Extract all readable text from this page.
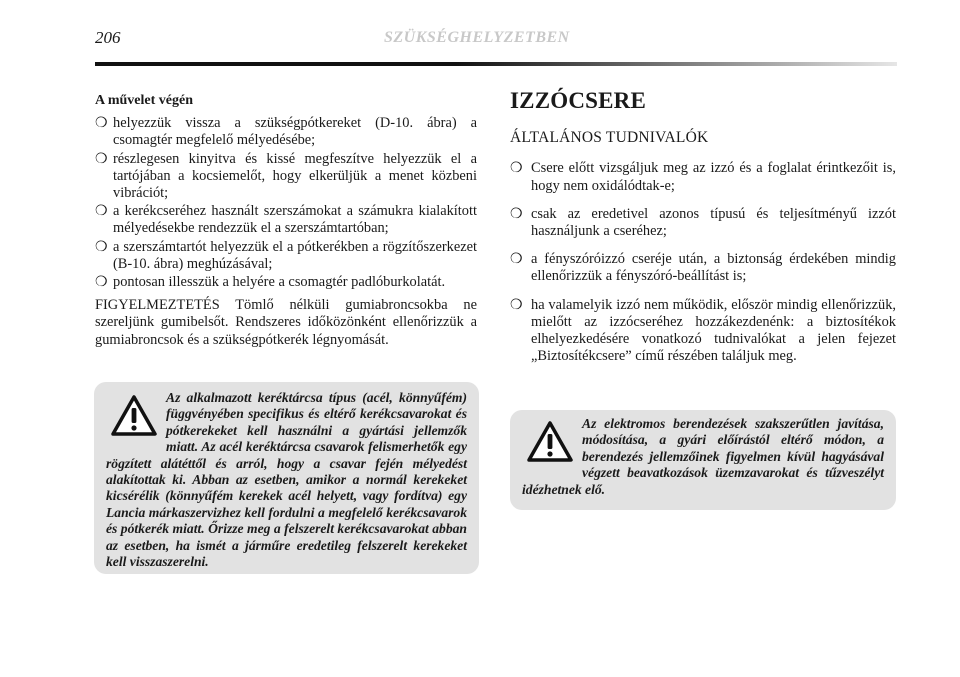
206	SZÜKSÉGHELYZETBEN
A művelet végén
❍ helyezzük vissza a szükségpótkereket (D-10. ábra) a csomagtér megfelelő mélyedésébe;
❍ részlegesen kinyitva és kissé megfeszítve helyezzük el a tartójában a kocsiemelőt, hogy elkerüljük a menet közbeni vibrációt;
❍ a kerékcseréhez használt szerszámokat a számukra kialakított mélyedésekbe rendezzük el a szerszámtartóban;
❍ a szerszámtartót helyezzük el a pótkerékben a rögzítőszerkezet (B-10. ábra) meghúzásával;
❍ pontosan illesszük a helyére a csomagtér padlóburkolatát.
FIGYELMEZTETÉS Tömlő nélküli gumiabroncsokba ne szereljünk gumibelsőt. Rendszeres időközönként ellenőrizzük a gumiabroncsok és a szükségpótkerék légnyomását.
Az alkalmazott keréktárcsa típus (acél, könnyűfém) függvényében specifikus és eltérő kerékcsavarokat és pótkerekeket kell használni a gyártási jellemzők miatt. Az acél keréktárcsa csavarok felismerhetők egy rögzített alátéttől és arról, hogy a csavar fején mélyedést alakítottak ki. Abban az esetben, amikor a normál kerekeket kicsérélik (könnyűfém kerekek acél helyett, vagy fordítva) egy Lancia márkaszervizhez kell fordulni a megfelelő kerékcsavarok és pótkerék miatt. Őrizze meg a felszerelt kerékcsavarokat abban az esetben, ha ismét a járműre eredetileg felszerelt kerekeket kell visszaszerelni.
IZZÓCSERE
ÁLTALÁNOS TUDNIVALÓK
❍ Csere előtt vizsgáljuk meg az izzó és a foglalat érintkezőit is, hogy nem oxidálódtak-e;
❍ csak az eredetivel azonos típusú és teljesítményű izzót használjunk a cseréhez;
❍ a fényszóróizzó cseréje után, a biztonság érdekében mindig ellenőrizzük a fényszóró-beállítást is;
❍ ha valamelyik izzó nem működik, először mindig ellenőrizzük, mielőtt az izzócseréhez hozzákezdenénk: a biztosítékok elhelyezkedésére vonatkozó tudnivalókat a jelen fejezet „Biztosítékcsere” című részében találjuk meg.
Az elektromos berendezések szakszerűtlen javítása, módosítása, a gyári előírástól eltérő módon, a berendezés jellemzőinek figyelmen kívül hagyásával végzett beavatkozások üzemzavarokat és tűzveszélyt idézhetnek elő.
